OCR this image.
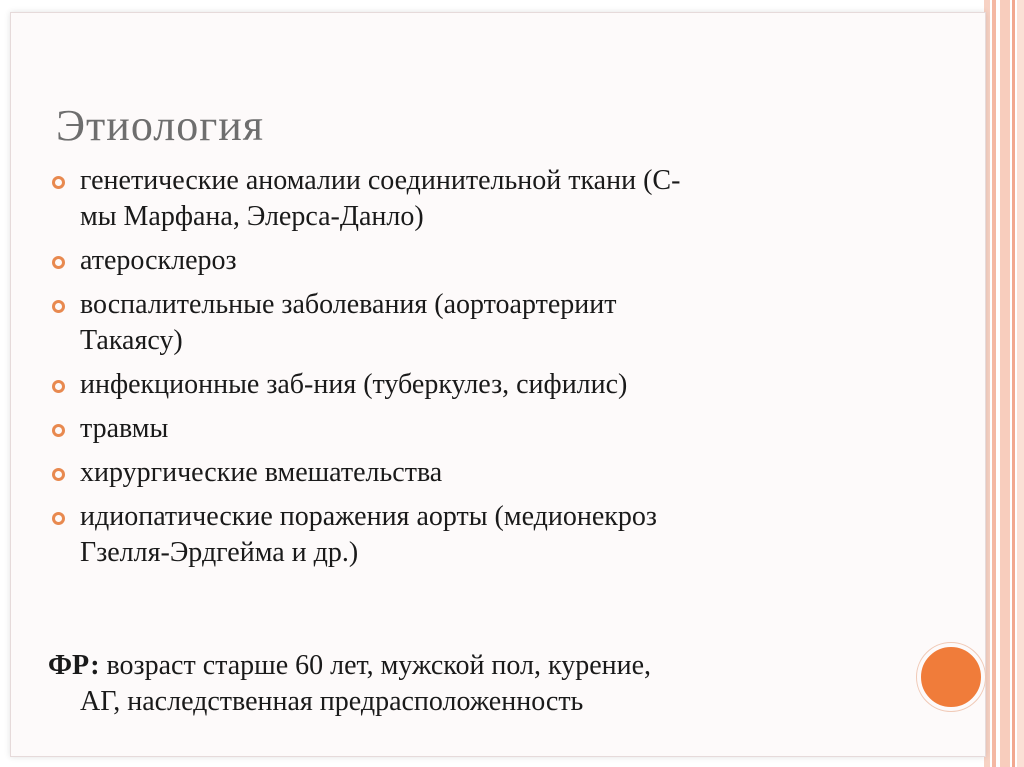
Этиология
генетические аномалии соединительной ткани (С-
мы Марфана, Элерса-Данло)
атеросклероз
воспалительные заболевания (аортоартериит
Такаясу)
инфекционные заб-ния (туберкулез, сифилис)
травмы
хирургические вмешательства
идиопатические поражения аорты (медионекроз
Гзелля-Эрдгейма и др.)
ФР: возраст старше 60 лет, мужской пол, курение,
АГ, наследственная предрасположенность
